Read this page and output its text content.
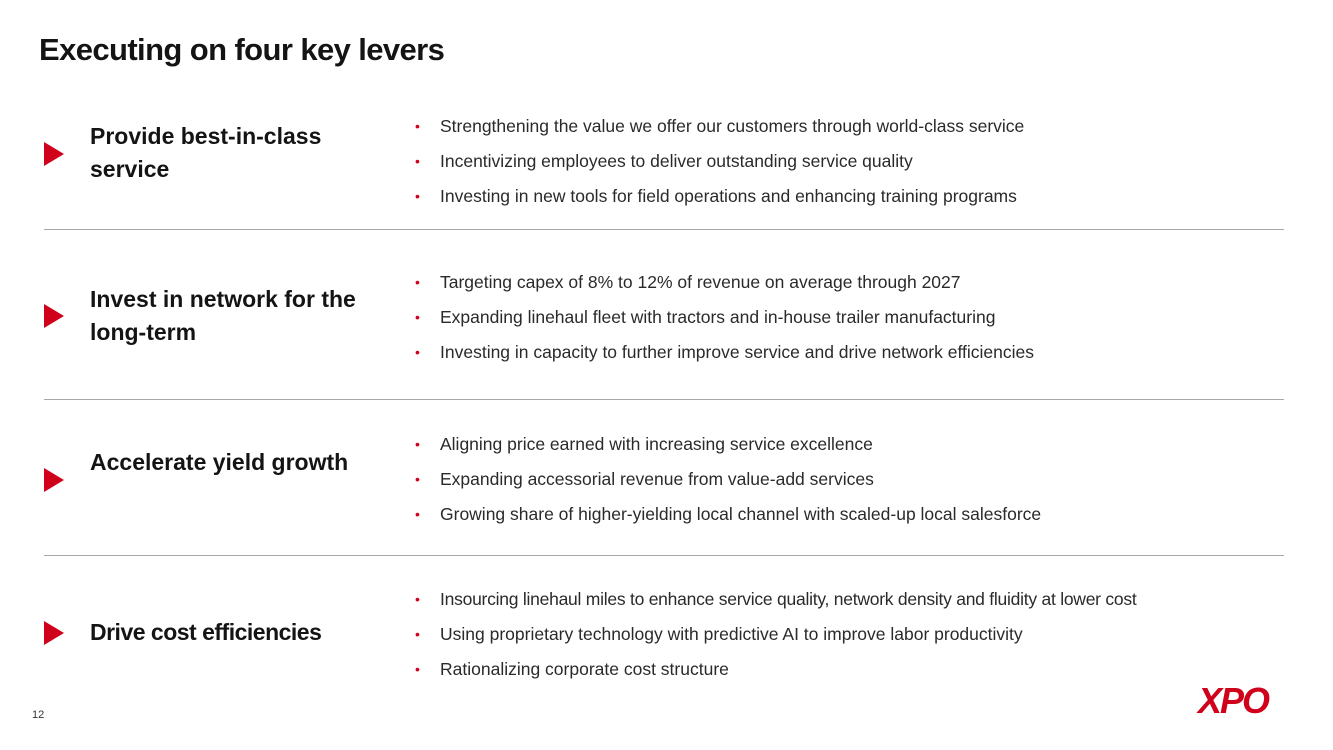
Executing on four key levers
Provide best-in-class service
• Strengthening the value we offer our customers through world-class service
• Incentivizing employees to deliver outstanding service quality
• Investing in new tools for field operations and enhancing training programs
Invest in network for the long-term
• Targeting capex of 8% to 12% of revenue on average through 2027
• Expanding linehaul fleet with tractors and in-house trailer manufacturing
• Investing in capacity to further improve service and drive network efficiencies
Accelerate yield growth
• Aligning price earned with increasing service excellence
• Expanding accessorial revenue from value-add services
• Growing share of higher-yielding local channel with scaled-up local salesforce
Drive cost efficiencies
• Insourcing linehaul miles to enhance service quality, network density and fluidity at lower cost
• Using proprietary technology with predictive AI to improve labor productivity
• Rationalizing corporate cost structure
12	XPO
